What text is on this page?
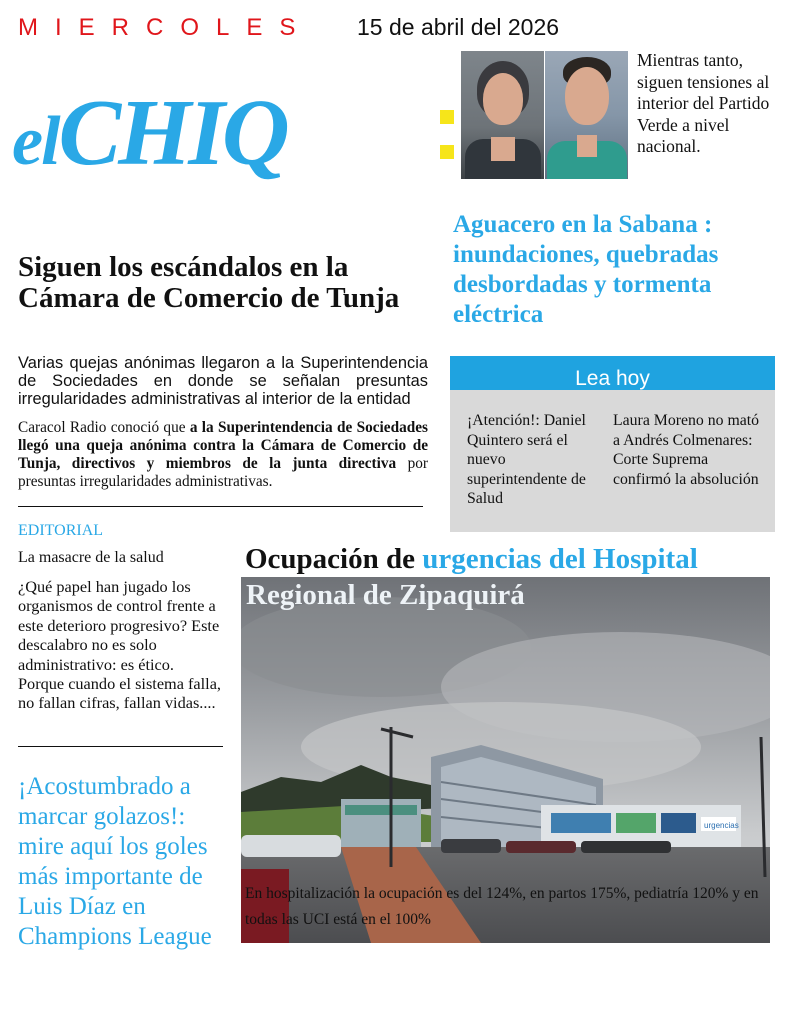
MIERCOLES 15 de abril del 2026
elCHIQ
Mientras tanto, siguen tensiones al interior del Partido Verde a nivel nacional.
Aguacero en la Sabana : inundaciones, quebradas desbordadas y tormenta eléctrica
Siguen los escándalos en la Cámara de Comercio de Tunja
Varias quejas anónimas llegaron a la Superintendencia de Sociedades en donde se señalan presuntas irregularidades administrativas al interior de la entidad
Caracol Radio conoció que a la Superintendencia de Sociedades llegó una queja anónima contra la Cámara de Comercio de Tunja, directivos y miembros de la junta directiva por presuntas irregularidades administrativas.
Lea hoy
¡Atención!: Daniel Quintero será el nuevo superintendente de Salud
Laura Moreno no mató a Andrés Colmenares: Corte Suprema confirmó la absolución
EDITORIAL
La masacre de la salud
¿Qué papel han jugado los organismos de control frente a este deterioro progresivo? Este descalabro no es solo administrativo: es ético. Porque cuando el sistema falla, no fallan cifras, fallan vidas....
¡Acostumbrado a marcar golazos!: mire aquí los goles más importante de Luis Díaz en Champions League
Ocupación de urgencias del Hospital
urgencias
Regional de Zipaquirá
En hospitalización la ocupación es del 124%, en partos 175%, pediatría 120% y en todas las UCI está en el 100%
